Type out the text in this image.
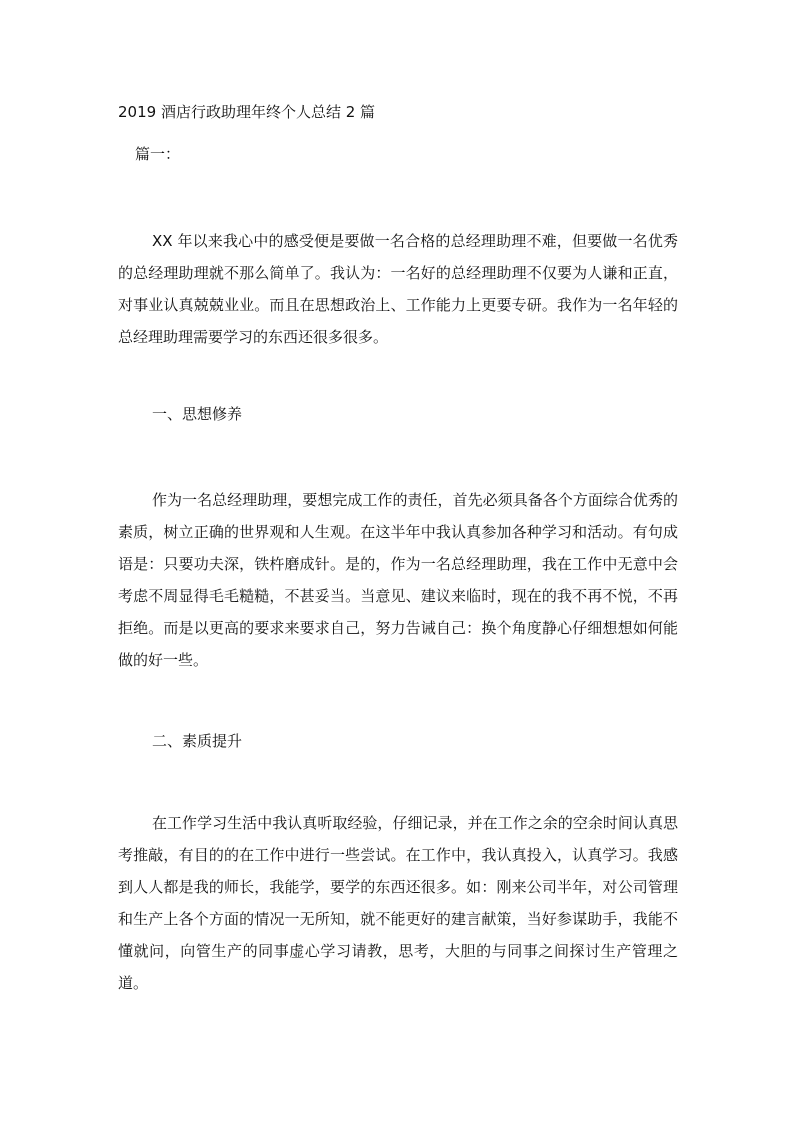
2019 酒店行政助理年终个人总结 2 篇

篇一：

XX 年以来我心中的感受便是要做一名合格的总经理助理不难，但要做一名优秀的总经理助理就不那么简单了。我认为：一名好的总经理助理不仅要为人谦和正直，对事业认真兢兢业业。而且在思想政治上、工作能力上更要专研。我作为一名年轻的总经理助理需要学习的东西还很多很多。

一、思想修养

作为一名总经理助理，要想完成工作的责任，首先必须具备各个方面综合优秀的素质，树立正确的世界观和人生观。在这半年中我认真参加各种学习和活动。有句成语是：只要功夫深，铁杵磨成针。是的，作为一名总经理助理，我在工作中无意中会考虑不周显得毛毛糙糙，不甚妥当。当意见、建议来临时，现在的我不再不悦，不再拒绝。而是以更高的要求来要求自己，努力告诫自己：换个角度静心仔细想想如何能做的好一些。

二、素质提升

在工作学习生活中我认真听取经验，仔细记录，并在工作之余的空余时间认真思考推敲，有目的的在工作中进行一些尝试。在工作中，我认真投入，认真学习。我感到人人都是我的师长，我能学，要学的东西还很多。如：刚来公司半年，对公司管理和生产上各个方面的情况一无所知，就不能更好的建言献策，当好参谋助手，我能不懂就问，向管生产的同事虚心学习请教，思考，大胆的与同事之间探讨生产管理之道。
